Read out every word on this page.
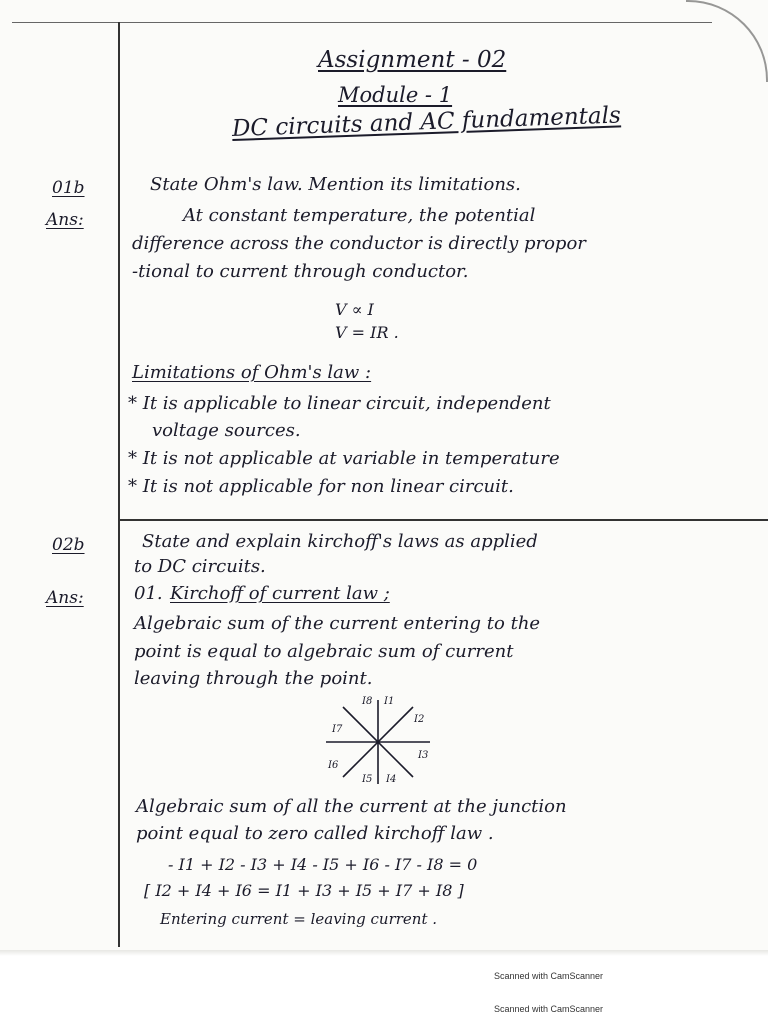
Assignment - 02
Module - 1
DC circuits and AC fundamentals
01b
Ans:
State Ohm's law. Mention its limitations.
At constant temperature, the potential
difference across the conductor is directly propor
-tional to current through conductor.
V ∝ I
V = IR .
Limitations of Ohm's law :
* It is applicable to linear circuit, independent
voltage sources.
* It is not applicable at variable in temperature
* It is not applicable for non linear circuit.
02b
Ans:
State and explain kirchoff's laws as applied
to DC circuits.
01. Kirchoff of current law ;
Algebraic sum of the current entering to the
point is equal to algebraic sum of current
leaving through the point.
I8 I1
I2
I3
I4
I5
I6
I7
Algebraic sum of all the current at the junction
point equal to zero called kirchoff law .
- I1 + I2 - I3 + I4 - I5 + I6 - I7 - I8 = 0
[ I2 + I4 + I6 = I1 + I3 + I5 + I7 + I8 ]
Entering current = leaving current .
Scanned with CamScanner
Scanned with CamScanner
